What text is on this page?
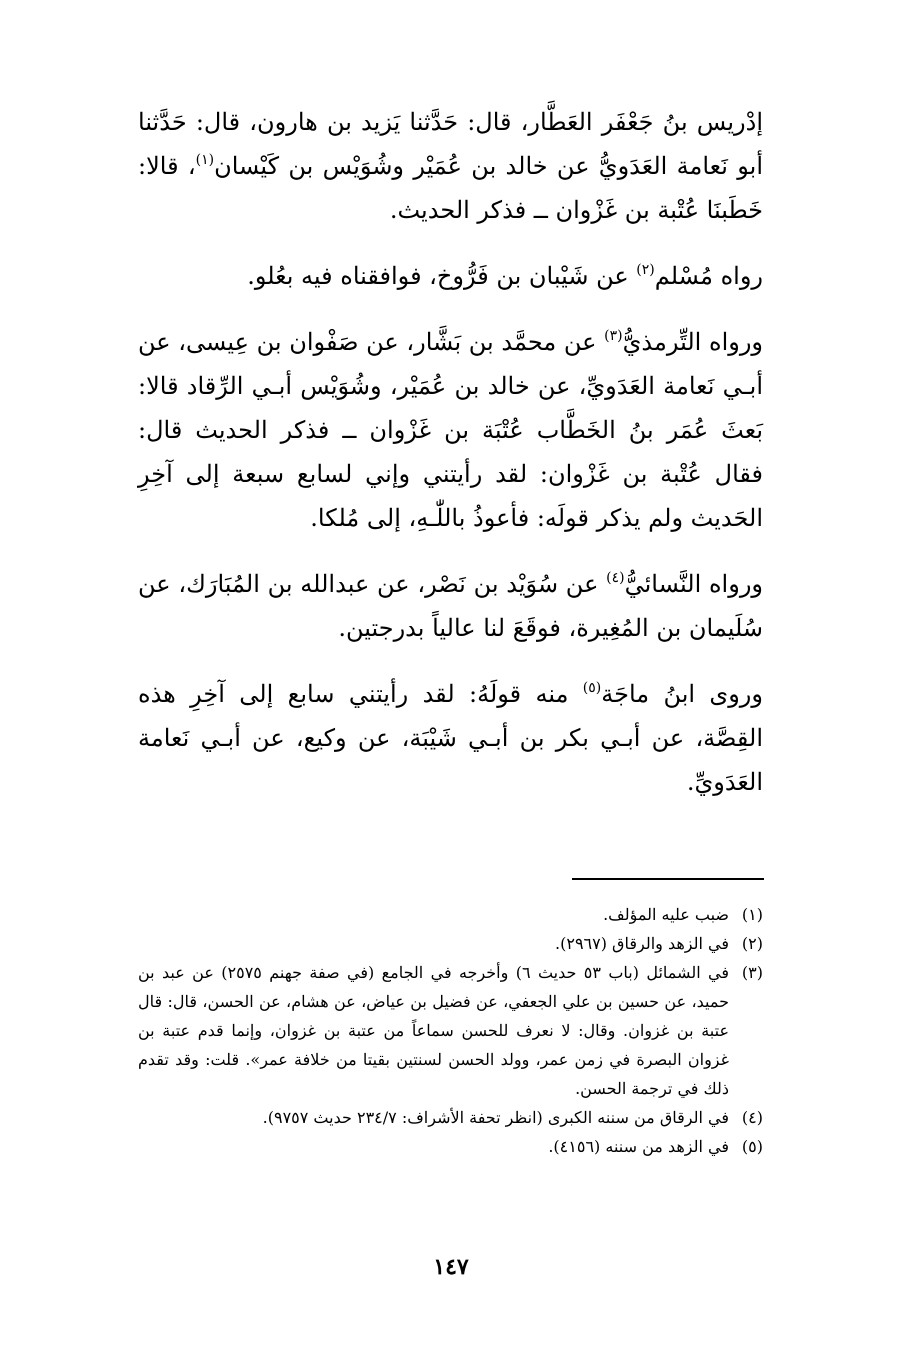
إدْريس بنُ جَعْفَر العَطَّار، قال: حَدَّثنا يَزيد بن هارون، قال: حَدَّثنا أبو نَعامة العَدَويُّ عن خالد بن عُمَيْر وشُوَيْس بن كَيْسان$^{(١)}$، قالا: خَطَبنَا عُتْبة بن غَزْوان ــ فذكر الحديث.

رواه مُسْلم$^{(٢)}$ عن شَيْبان بن فَرُّوخ، فوافقناه فيه بعُلو.

ورواه التِّرمذيُّ$^{(٣)}$ عن محمَّد بن بَشَّار، عن صَفْوان بن عِيسى، عن أبـي نَعامة العَدَويِّ، عن خالد بن عُمَيْر، وشُوَيْس أبـي الرِّقاد قالا: بَعثَ عُمَر بنُ الخَطَّاب عُتْبَة بن غَزْوان ــ فذكر الحديث قال: فقال عُتْبة بن غَزْوان: لقد رأيتني وإني لسابع سبعة إلى آخِرِ الحَديث ولم يذكر قولَه: فأعوذُ باللّٰـهِ، إلى مُلكا.

ورواه النَّسائيُّ$^{(٤)}$ عن سُوَيْد بن نَصْر، عن عبدالله بن المُبَارَك، عن سُلَيمان بن المُغِيرة، فوقَعَ لنا عالياً بدرجتين.

وروى ابنُ ماجَة$^{(٥)}$ منه قولَهُ: لقد رأيتني سابع إلى آخِرِ هذه القِصَّة، عن أبـي بكر بن أبـي شَيْبَة، عن وكيع، عن أبـي نَعامة العَدَويِّ.

(١)
ضبب عليه المؤلف.
(٢)
في الزهد والرقاق (٢٩٦٧).
(٣)
في الشمائل (باب ٥٣ حديث ٦) وأخرجه في الجامع (في صفة جهنم ٢٥٧٥) عن عبد بن حميد، عن حسين بن علي الجعفي، عن فضيل بن عياض، عن هشام، عن الحسن، قال: قال عتبة بن غزوان. وقال: لا نعرف للحسن سماعاً من عتبة بن غزوان، وإنما قدم عتبة بن غزوان البصرة في زمن عمر، وولد الحسن لسنتين بقيتا من خلافة عمر». قلت: وقد تقدم ذلك في ترجمة الحسن.
(٤)
في الرقاق من سننه الكبرى (انظر تحفة الأشراف: ٢٣٤/٧ حديث ٩٧٥٧).
(٥)
في الزهد من سننه (٤١٥٦).
١٤٧
